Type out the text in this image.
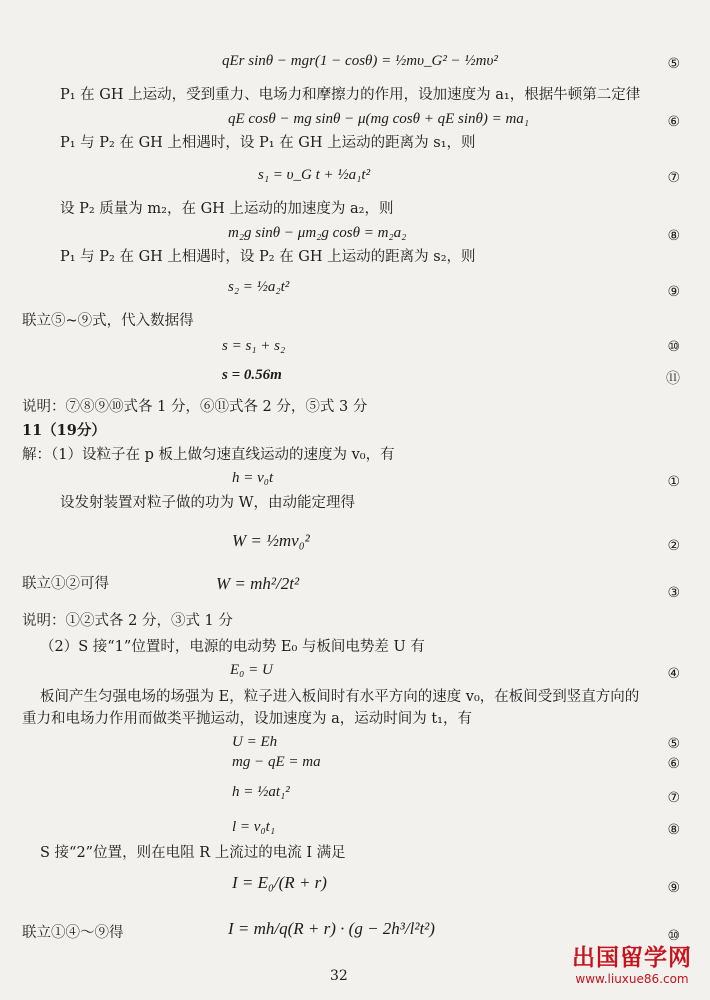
qEr sinθ − mgr(1 − cosθ) = ½mυ_G² − ½mυ²	⑤
P₁ 在 GH 上运动，受到重力、电场力和摩擦力的作用，设加速度为 a₁，根据牛顿第二定律
qE cosθ − mg sinθ − μ(mg cosθ + qE sinθ) = ma₁	⑥
P₁ 与 P₂ 在 GH 上相遇时，设 P₁ 在 GH 上运动的距离为 s₁，则
s₁ = υ_G t + ½a₁t²	⑦
设 P₂ 质量为 m₂，在 GH 上运动的加速度为 a₂，则
m₂g sinθ − μm₂g cosθ = m₂a₂	⑧
P₁ 与 P₂ 在 GH 上相遇时，设 P₂ 在 GH 上运动的距离为 s₂，则
s₂ = ½a₂t²	⑨
联立⑤~⑨式，代入数据得
s = s₁ + s₂	⑩
s = 0.56m	⑪
说明：⑦⑧⑨⑩式各 1 分，⑥⑪式各 2 分，⑤式 3 分
11（19分）
解：（1）设粒子在 p 板上做匀速直线运动的速度为 v₀，有
h = v₀t	①
设发射装置对粒子做的功为 W，由动能定理得
W = ½mv₀²	②
联立①②可得	W = mh²/2t²	③
说明：①②式各 2 分，③式 1 分
（2）S 接“1”位置时，电源的电动势 E₀ 与板间电势差 U 有
E₀ = U	④
板间产生匀强电场的场强为 E，粒子进入板间时有水平方向的速度 v₀，在板间受到竖直方向的
重力和电场力作用而做类平抛运动，设加速度为 a，运动时间为 t₁，有
U = Eh	⑤
mg − qE = ma	⑥
h = ½at₁²	⑦
l = v₀t₁	⑧
S 接“2”位置，则在电阻 R 上流过的电流 I 满足
I = E₀/(R + r)	⑨
联立①④～⑨得	I = mh/q(R + r) · (g − 2h³/l²t²)	⑩
32
出国留学网
www.liuxue86.com
